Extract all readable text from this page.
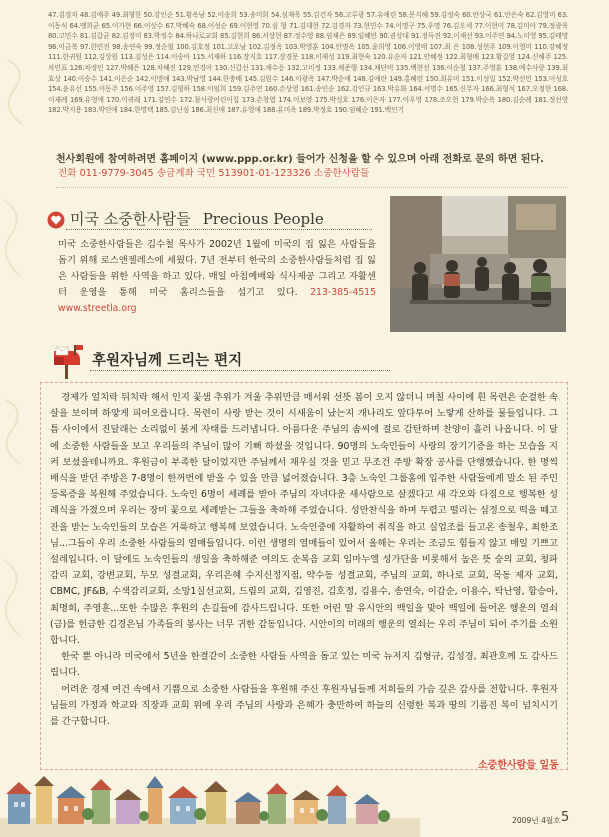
47.김경자 48.김예주 49.최형한 50.강인순 51.황옥남 52.이송희 53.송미희 54.심재욱 55.김건자 56.고루광 57.유예린 58.문지혜 59.김정숙 60.안상국 61.안은숙 62.김영미 63.이동식 64.맹희균 65.이가현 66.이상수 67.박혜숙 68.이성순 69.이현영 70.심 형 71.김대현 72.김경자 73.현민수 74.이명구 75.우명 76.김오세 77.이현미 78.김미아 79.정광욱 80.고민수 81.김갑균 82.김정미 83.박정수 84.하나로교회 85.김현희 86.서상현 87.정수영 88.임채은 89.임혜민 90.권상대 91.정득진 92.이재선 93.이주연 94.노미영 95.김태명 96.이금복 97.한민진 98.송연숙 99.정순철 100.김호정 101.고오남 102.김정옥 103.박영훈 104.안명옥 105.윤희영 106.이영태 107.최 은 108.성현주 109.이영미 110.강혜정 111.한귀원 112.김상원 113.김성은 114.이승아 115.서재하 116.장지호 117.장경문 118.이재성 119.최현숙 120.유순자 121.안혜정 122.최형배 123.황길영 124.신해주 125.차민표 126.차정민 127.박혜은 128.차혜진 129.민경아 130.신갑선 131.채수응 132.고미정 133.채준행 134.채단비 135.백현선 136.이순철 137.주영훈 138.예수사랑 139.최효상 140.이승수 141.이은순 142.이명애 143.박남영 144.한충배 145.김원수 146.이광옥 147.박순애 148.김예란 149.홍혜련 150.최유미 151.이성일 152.박선민 153.이성호 154.윤유선 155.이동주 156.이주영 157.김형하 158.이임희 159.김주연 160.손상영 161.송인순 162.김인규 163.박유화 164.서명수 165.신무자 166.최형석 167.오정현 168.이재례 169.유영애 170.이귀래 171.김연수 172.참사랑어린이집 173.손창엽 174.이보영 175.박성호 176.이은자 177.이우영 178.조오현 179.박순옥 180.김순례 181.정선영 182.박지용 183.박인애 184.한명택 185.김난심 186.최신애 187.유영애 188.유미옥 189.박정호 190.임혜순 191.백인기
천사회원에 참여하려면 홈페이지 (www.ppp.or.kr) 들어가 신청을 할 수 있으며 아래 전화로 문의 하면 된다.
전화 011-9779-3045 송금계좌 국민 513901-01-123326 소중한사람들
미국 소중한사람들 Precious People
미국 소중한사람들은 김수철 목사가 2002년 1월에 미국의 집 잃은 사람들을 돕기 위해 로스앤젤레스에 세웠다. 7년 전부터 한국의 소중한사람들처럼 집 잃은 사람들을 위한 사역을 하고 있다. 매일 아침예배와 식사제공 그리고 자활센터 운영을 통해 미국 홈리스들을 섬기고 있다. 213-385-4515 www.streetla.org
후원자님께 드리는 편지

경제가 얼치락 뒤치락 해서 인지 꽃샘 추위가 겨울 추위만큼 매서워 선뜻 봄이 오지 않더니 며칠 사이에 흰 목련은 순결한 속살을 보이며 하얗게 피어오릅니다. 목련이 사랑 받는 것이 시새움이 났는지 개나리도 앞다투어 노랗게 산하를 물들입니다. 그 틈 사이에서 진달래는 소리없이 붉게 자태를 드러냅니다. 아름다운 주님의 솜씨에 절로 감탄하며 찬양이 흘러 나옵니다. 이 달에 소중한 사람들을 보고 우리들의 주님이 많이 기뻐 하셨을 것입니다. 90명의 노숙인들이 사랑의 장기기증을 하는 모습을 지켜 보셨을테니까요. 후원금이 부족한 달이었지만 주님께서 채우실 것을 믿고 무조건 주방 확장 공사를 단행했습니다. 한 명씩 배식을 받던 주방은 7-8명이 한꺼번에 받을 수 있을 만큼 넓어졌습니다. 3층 노숙인 그룹홈에 입주한 사람들에게 말소 된 주민등록증을 복원해 주었습니다. 노숙인 6명이 세례를 받아 주님의 자녀다운 새사람으로 살겠다고 새 각오와 다짐으로 행복한 성례식을 가졌으며 우리는 장미 꽃으로 세례받는 그들을 축하해 주었습니다. 성만찬식을 하며 두렵고 떨리는 심정으로 떡을 떼고 잔을 받는 노숙인들의 모습은 거룩하고 행복해 보였습니다. 노숙인중에 자활하여 취직을 하고 실업조를 들고온 송철우, 최한조님...그들이 우리 소중한 사람들의 열매들입니다. 이런 생명의 열매들이 있어서 올해는 우리는 조금도 힘들지 않고 매일 기쁘고 설레입니다. 이 달에도 노숙인들의 생일을 축하해준 여의도 순복음 교회 임마누엘 성가단을 비롯해서 높은 뜻 숭의 교회, 청파 감리 교회, 강변교회, 두모 성결교회, 우리은혜 수지신정지점, 약수동 성결교회, 주님의 교회, 하나로 교회, 목동 제자 교회, CBMC, JF&B, 수색감리교회, 소망1실선교회, 드림의 교회, 김영진, 김호정, 김용수, 송연숙, 이갑순, 이용수, 탁난영, 함승아, 최명희, 주영훈...또한 수많은 후원의 손길들에 감사드립니다. 또한 어린 딸 유시안의 백일을 맞아 백일에 들어온 행운의 열쇠(금)를 헌금한 김경은님 가족들의 봉사는 너무 귀한 감동입니다. 시안이의 미래의 행운의 열쇠는 우리 주님이 되어 주기를 소원합니다.

한국 뿐 아니라 미국에서 5년을 한결같이 소중한 사람들 사역을 돕고 있는 미국 뉴저지 김형규, 김성경, 최관호께 도 감사드립니다.

어려운 경제 여건 속에서 기쁨으로 소중한 사람들을 후원해 주신 후원자님들께 저희들의 가슴 깊은 감사를 전합니다. 후원자님들의 가정과 학교와 직장과 교회 위에 우리 주님의 사랑과 은혜가 충만하여 하늘의 신령한 복과 땅의 기름진 복이 넘치시기를 간구합니다.

소중한사람들 일동
2009년 4월호 5
